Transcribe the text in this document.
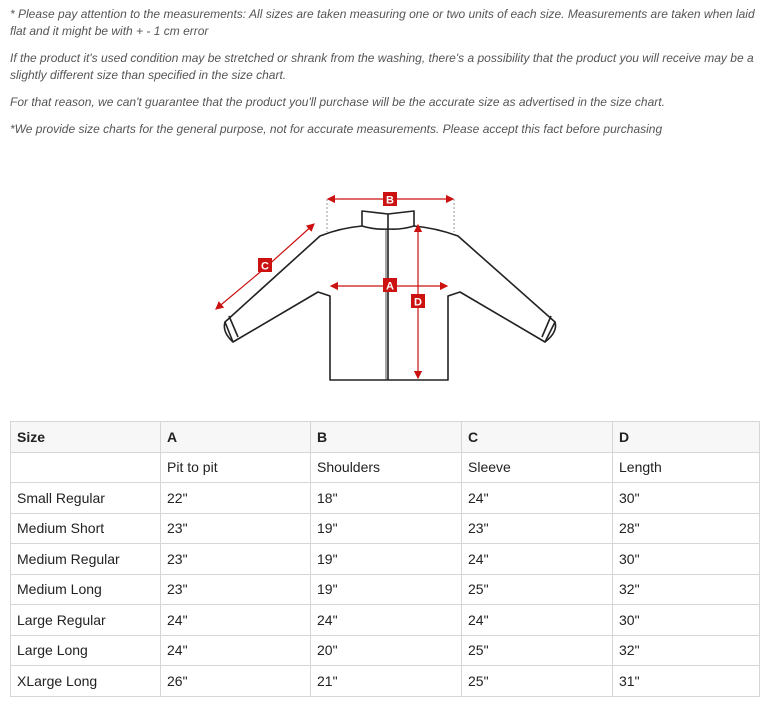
* Please pay attention to the measurements: All sizes are taken measuring one or two units of each size. Measurements are taken when laid flat and it might be with + - 1 cm error

If the product it's used condition may be stretched or shrank from the washing, there's a possibility that the product you will receive may be a slightly different size than specified in the size chart.

For that reason, we can't guarantee that the product you'll purchase will be the accurate size as advertised in the size chart.

*We provide size charts for the general purpose, not for accurate measurements. Please accept this fact before purchasing

B
A
C
D
Size	A	B	C	D
	Pit to pit	Shoulders	Sleeve	Length
Small Regular	22"	18"	24"	30"
Medium Short	23"	19"	23"	28"
Medium Regular	23"	19"	24"	30"
Medium Long	23"	19"	25"	32"
Large Regular	24"	24"	24"	30"
Large Long	24"	20"	25"	32"
XLarge Long	26"	21"	25"	31"
